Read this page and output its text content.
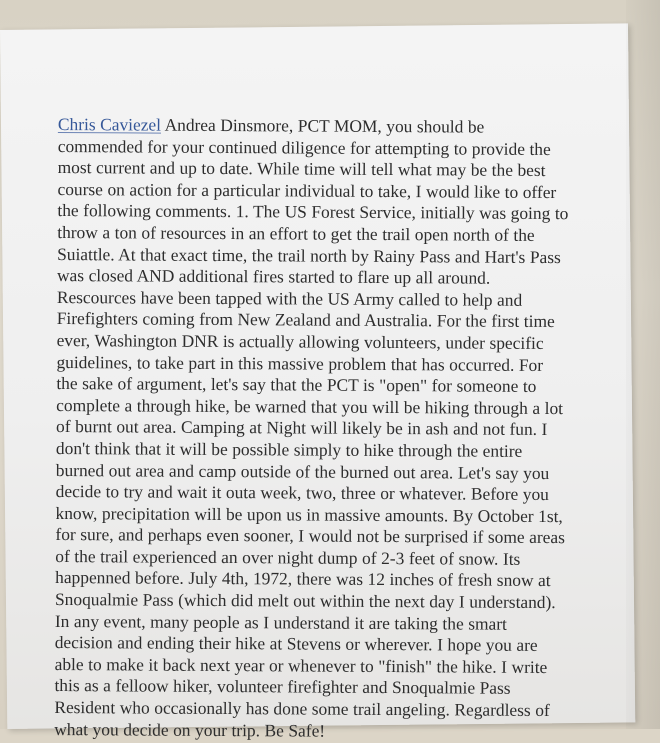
Chris Caviezel Andrea Dinsmore, PCT MOM, you should be
commended for your continued diligence for attempting to provide the
most current and up to date. While time will tell what may be the best
course on action for a particular individual to take, I would like to offer
the following comments. 1. The US Forest Service, initially was going to
throw a ton of resources in an effort to get the trail open north of the
Suiattle. At that exact time, the trail north by Rainy Pass and Hart's Pass
was closed AND additional fires started to flare up all around.
Rescources have been tapped with the US Army called to help and
Firefighters coming from New Zealand and Australia. For the first time
ever, Washington DNR is actually allowing volunteers, under specific
guidelines, to take part in this massive problem that has occurred. For
the sake of argument, let's say that the PCT is "open" for someone to
complete a through hike, be warned that you will be hiking through a lot
of burnt out area. Camping at Night will likely be in ash and not fun. I
don't think that it will be possible simply to hike through the entire
burned out area and camp outside of the burned out area. Let's say you
decide to try and wait it outa week, two, three or whatever. Before you
know, precipitation will be upon us in massive amounts. By October 1st,
for sure, and perhaps even sooner, I would not be surprised if some areas
of the trail experienced an over night dump of 2-3 feet of snow. Its
happenned before. July 4th, 1972, there was 12 inches of fresh snow at
Snoqualmie Pass (which did melt out within the next day I understand).
In any event, many people as I understand it are taking the smart
decision and ending their hike at Stevens or wherever. I hope you are
able to make it back next year or whenever to "finish" the hike. I write
this as a felloow hiker, volunteer firefighter and Snoqualmie Pass
Resident who occasionally has done some trail angeling. Regardless of
what you decide on your trip. Be Safe!
